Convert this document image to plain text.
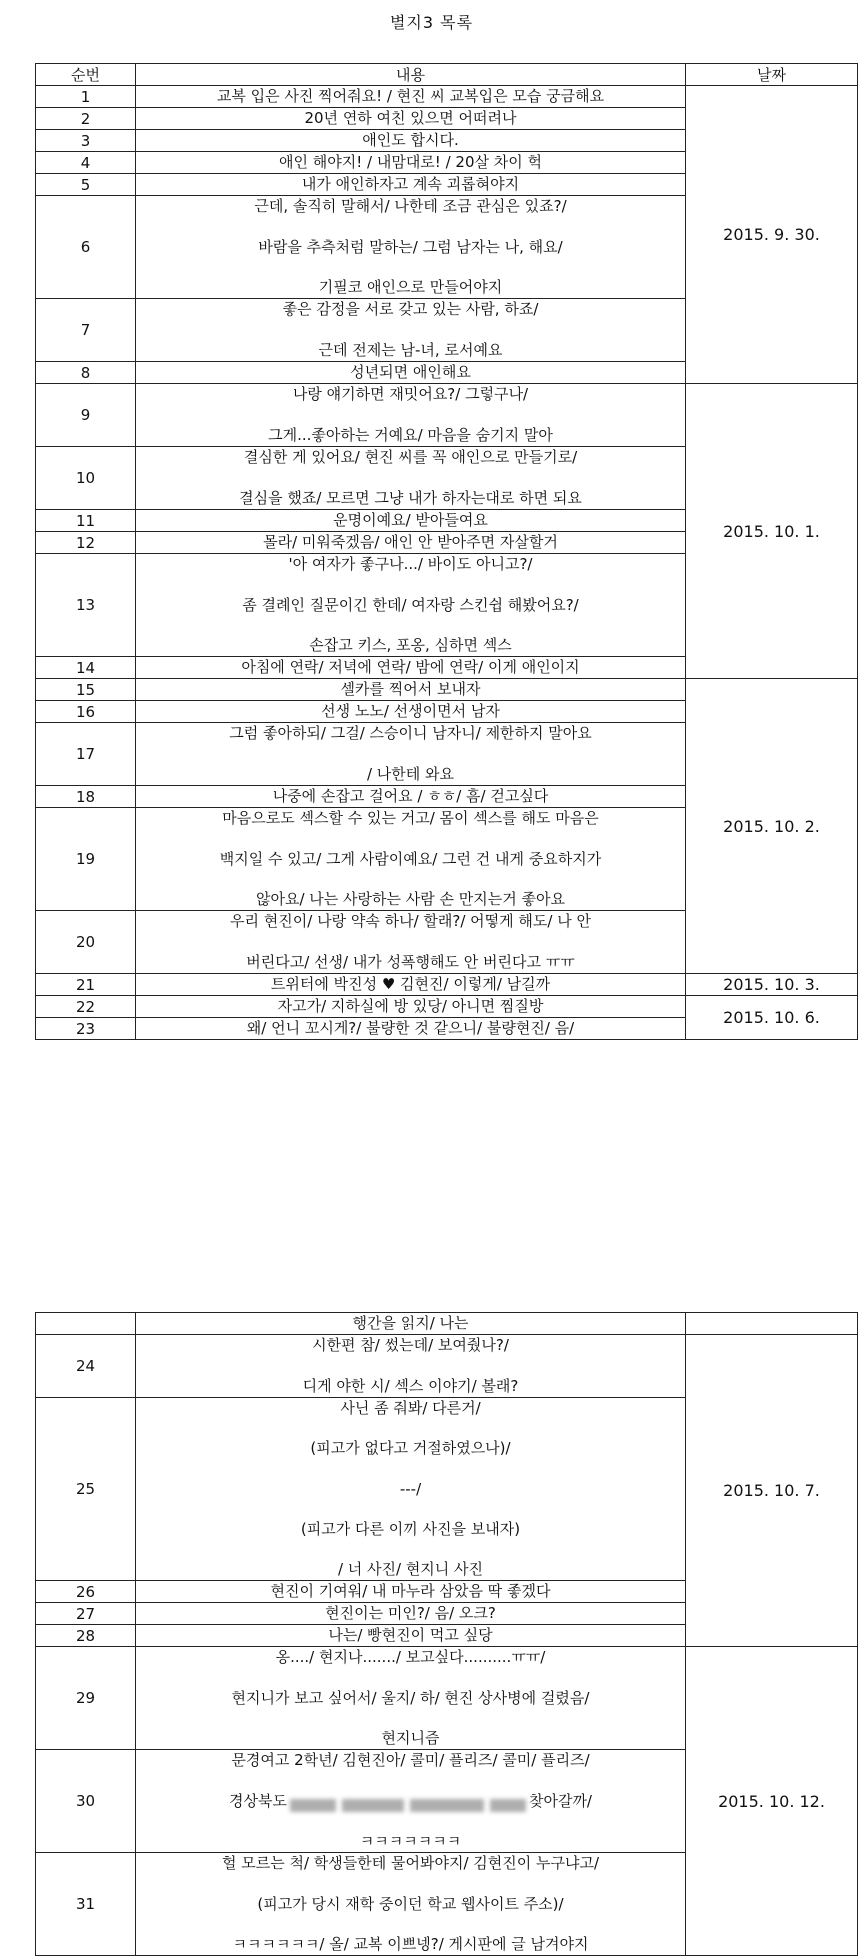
별지3 목록
순번	내용	날짜
1	교복 입은 사진 찍어줘요! / 현진 씨 교복입은 모습 궁금해요	2015. 9. 30.
2	20년 연하 여친 있으면 어떠려나	

3	애인도 합시다.	

4	애인 해야지! / 내맘대로! / 20살 차이 헉	

5	내가 애인하자고 계속 괴롭혀야지	

6	근데, 솔직히 말해서/ 나한테 조금 관심은 있죠?/
바람을 추측처럼 말하는/ 그럼 남자는 나, 해요/
기필코 애인으로 만들어야지	

7	좋은 감정을 서로 갖고 있는 사람, 하죠/
근데 전제는 남-녀, 로서예요	

8	성년되면 애인해요	

9	나랑 얘기하면 재밋어요?/ 그렇구나/
그게...좋아하는 거예요/ 마음을 숨기지 말아	2015. 10. 1.
10	결심한 게 있어요/ 현진 씨를 꼭 애인으로 만들기로/
결심을 했죠/ 모르면 그냥 내가 하자는대로 하면 되요	

11	운명이예요/ 받아들여요	

12	몰라/ 미워죽겠음/ 애인 안 받아주면 자살할거	

13	'아 여자가 좋구나.../ 바이도 아니고?/
좀 결례인 질문이긴 한데/ 여자랑 스킨쉽 해봤어요?/
손잡고 키스, 포옹, 심하면 섹스	

14	아침에 연락/ 저녁에 연락/ 밤에 연락/ 이게 애인이지	

15	셀카를 찍어서 보내자	2015. 10. 2.
16	선생 노노/ 선생이면서 남자	

17	그럼 좋아하되/ 그걸/ 스승이니 남자니/ 제한하지 말아요
/ 나한테 와요	

18	나중에 손잡고 걸어요 / ㅎㅎ/ 흠/ 걷고싶다	

19	마음으로도 섹스할 수 있는 거고/ 몸이 섹스를 해도 마음은
백지일 수 있고/ 그게 사람이예요/ 그런 건 내게 중요하지가
않아요/ 나는 사랑하는 사람 손 만지는거 좋아요	

20	우리 현진이/ 나랑 약속 하나/ 할래?/ 어떻게 해도/ 나 안
버린다고/ 선생/ 내가 성폭행해도 안 버린다고 ㅠㅠ	

21	트위터에 박진성 ♥ 김현진/ 이렇게/ 남길까	2015. 10. 3.
22	자고가/ 지하실에 방 있당/ 아니면 찜질방	2015. 10. 6.
23	왜/ 언니 꼬시게?/ 불량한 것 같으니/ 불량현진/ 음/	

	행간을 읽지/ 나는	

24	시한편 참/ 썼는데/ 보여줬나?/
디게 야한 시/ 섹스 이야기/ 볼래?	2015. 10. 7.
25	사닌 좀 줘봐/ 다른거/
(피고가 없다고 거절하였으나)/
---/
(피고가 다른 이끼 사진을 보내자)
/ 너 사진/ 현지니 사진	

26	현진이 기여워/ 내 마누라 삼았음 딱 좋겠다	

27	현진이는 미인?/ 음/ 오크?	

28	나는/ 빵현진이 먹고 싶당	

29	옹..../ 현지나......./ 보고싶다..........ㅠㅠ/
현지니가 보고 싶어서/ 울지/ 하/ 현진 상사병에 걸렸음/
현지니즘	2015. 10. 12.
30	문경여고 2학년/ 김현진아/ 콜미/ 플리즈/ 콜미/ 플리즈/
경상북도 찾아갈까/
ㅋㅋㅋㅋㅋㅋㅋ	

31	헐 모르는 척/ 학생들한테 물어봐야지/ 김현진이 누구냐고/
(피고가 당시 재학 중이던 학교 웹사이트 주소)/
ㅋㅋㅋㅋㅋㅋ/ 올/ 교복 이쁘넹?/ 게시판에 글 남겨야지	
